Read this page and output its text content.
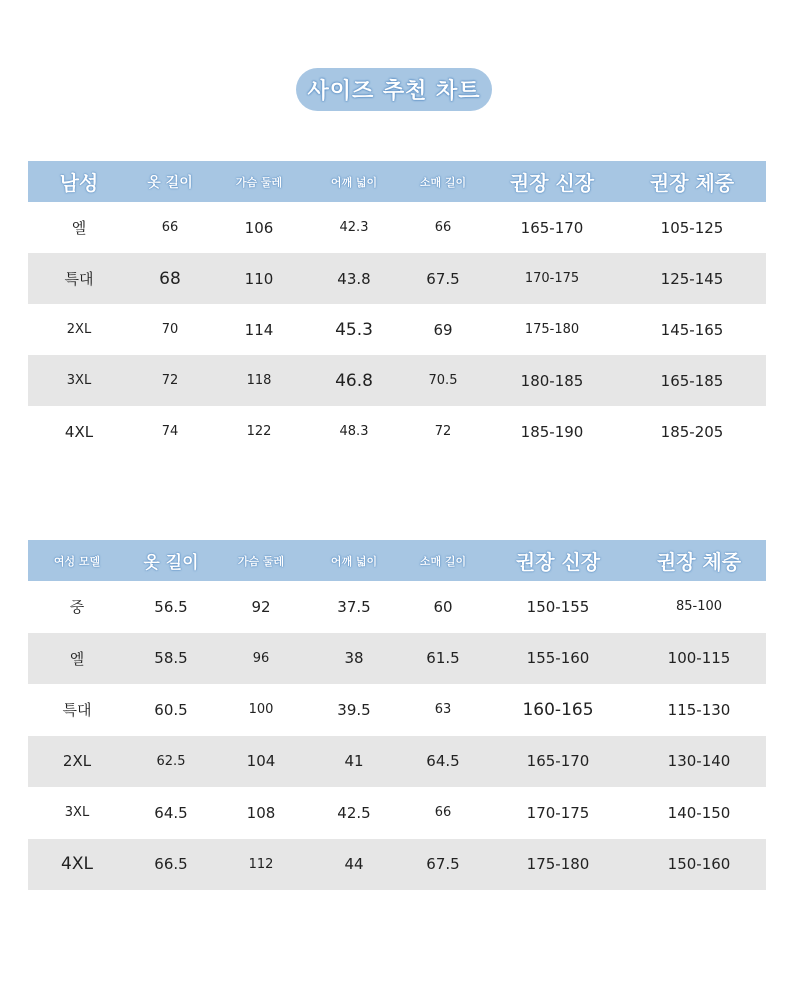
사이즈 추천 차트
남성	옷 길이	가슴 둘레	어깨 넓이	소매 길이	권장 신장	권장 체중
엘	66	106	42.3	66	165-170	105-125
특대	68	110	43.8	67.5	170-175	125-145
2XL	70	114	45.3	69	175-180	145-165
3XL	72	118	46.8	70.5	180-185	165-185
4XL	74	122	48.3	72	185-190	185-205
여성 모델	옷 길이	가슴 둘레	어깨 넓이	소매 길이	권장 신장	권장 체중
중	56.5	92	37.5	60	150-155	85-100
엘	58.5	96	38	61.5	155-160	100-115
특대	60.5	100	39.5	63	160-165	115-130
2XL	62.5	104	41	64.5	165-170	130-140
3XL	64.5	108	42.5	66	170-175	140-150
4XL	66.5	112	44	67.5	175-180	150-160
